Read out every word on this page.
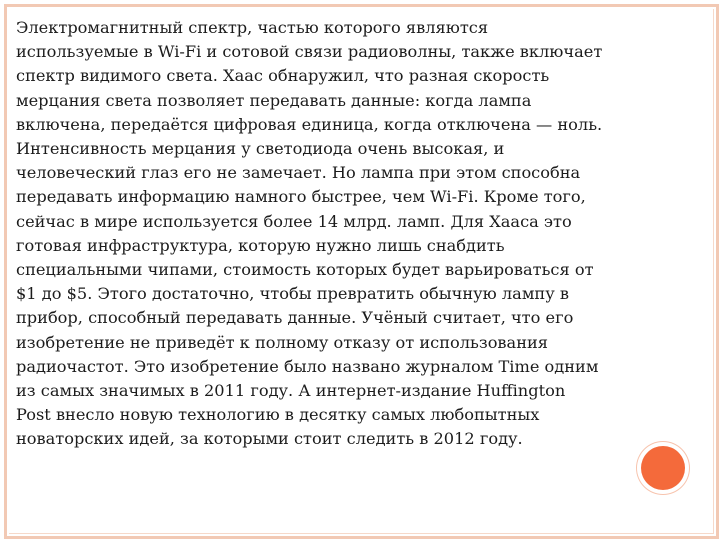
Электромагнитный спектр, частью которого являются
используемые в Wi-Fi и сотовой связи радиоволны, также включает
спектр видимого света. Хаас обнаружил, что разная скорость
мерцания света позволяет передавать данные: когда лампа
включена, передаётся цифровая единица, когда отключена — ноль.
Интенсивность мерцания у светодиода очень высокая, и
человеческий глаз его не замечает. Но лампа при этом способна
передавать информацию намного быстрее, чем Wi-Fi. Кроме того,
сейчас в мире используется более 14 млрд. ламп. Для Хааса это
готовая инфраструктура, которую нужно лишь снабдить
специальными чипами, стоимость которых будет варьироваться от
$1 до $5. Этого достаточно, чтобы превратить обычную лампу в
прибор, способный передавать данные. Учёный считает, что его
изобретение не приведёт к полному отказу от использования
радиочастот. Это изобретение было названо журналом Time одним
из самых значимых в 2011 году. А интернет-издание Huffington
Post внесло новую технологию в десятку самых любопытных
новаторских идей, за которыми стоит следить в 2012 году.
